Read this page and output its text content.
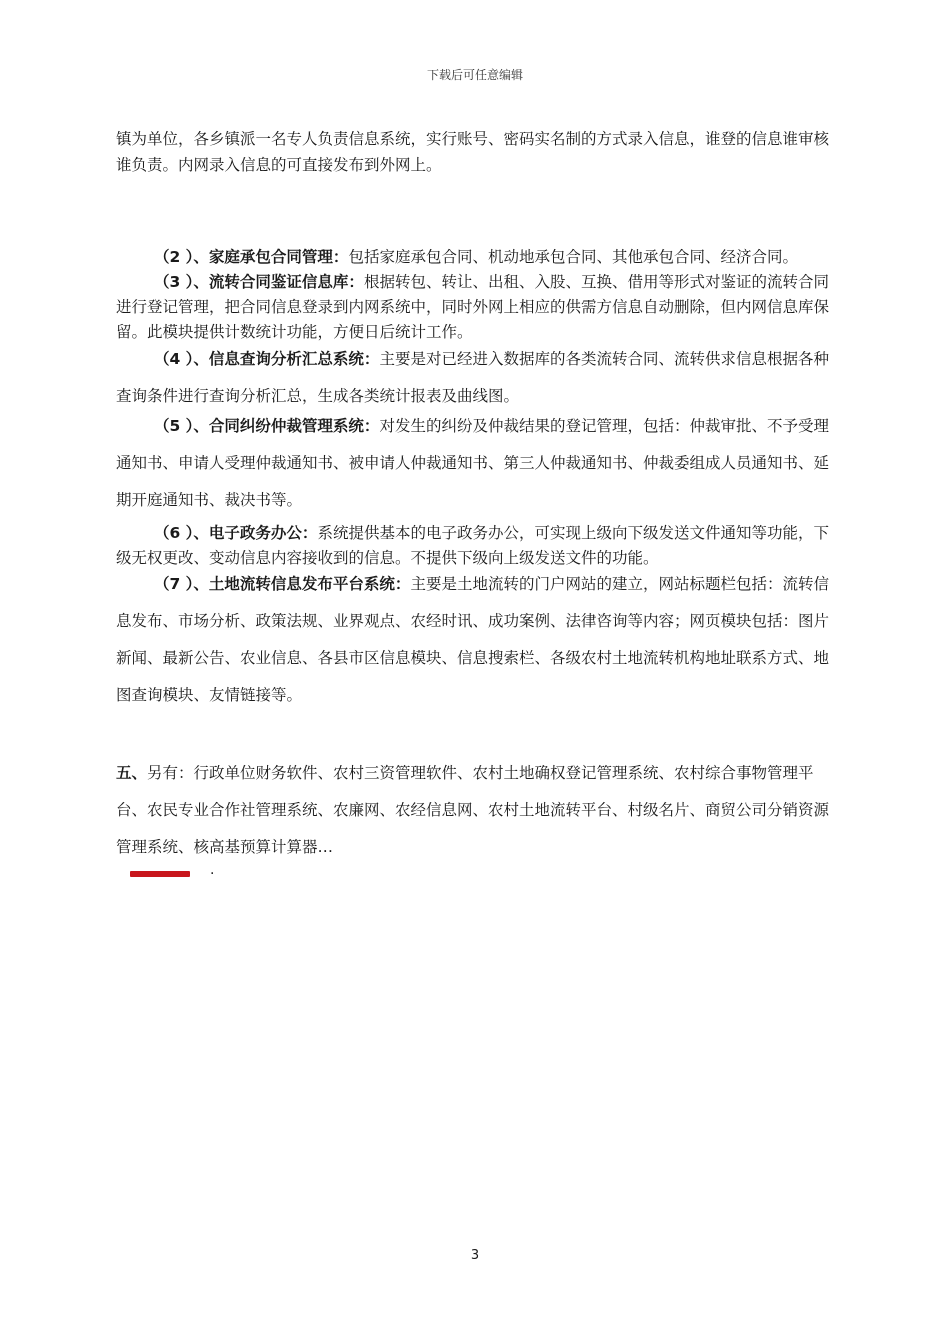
下载后可任意编辑

镇为单位，各乡镇派一名专人负责信息系统，实行账号、密码实名制的方式录入信息，谁登的信息谁审核谁负责。内网录入信息的可直接发布到外网上。

（2 ）、家庭承包合同管理：包括家庭承包合同、机动地承包合同、其他承包合同、经济合同。

（3 ）、流转合同鉴证信息库：根据转包、转让、出租、入股、互换、借用等形式对鉴证的流转合同进行登记管理，把合同信息登录到内网系统中，同时外网上相应的供需方信息自动删除，但内网信息库保留。此模块提供计数统计功能，方便日后统计工作。

（4 ）、信息查询分析汇总系统：主要是对已经进入数据库的各类流转合同、流转供求信息根据各种查询条件进行查询分析汇总，生成各类统计报表及曲线图。

（5 ）、合同纠纷仲裁管理系统：对发生的纠纷及仲裁结果的登记管理，包括：仲裁审批、不予受理通知书、申请人受理仲裁通知书、被申请人仲裁通知书、第三人仲裁通知书、仲裁委组成人员通知书、延期开庭通知书、裁决书等。

（6 ）、电子政务办公：系统提供基本的电子政务办公，可实现上级向下级发送文件通知等功能，下级无权更改、变动信息内容接收到的信息。不提供下级向上级发送文件的功能。

（7 ）、土地流转信息发布平台系统：主要是土地流转的门户网站的建立，网站标题栏包括：流转信息发布、市场分析、政策法规、业界观点、农经时讯、成功案例、法律咨询等内容；网页模块包括：图片新闻、最新公告、农业信息、各县市区信息模块、信息搜索栏、各级农村土地流转机构地址联系方式、地图查询模块、友情链接等。

五、另有：行政单位财务软件、农村三资管理软件、农村土地确权登记管理系统、农村综合事物管理平台、农民专业合作社管理系统、农廉网、农经信息网、农村土地流转平台、村级名片、商贸公司分销资源管理系统、核高基预算计算器…

.
3
